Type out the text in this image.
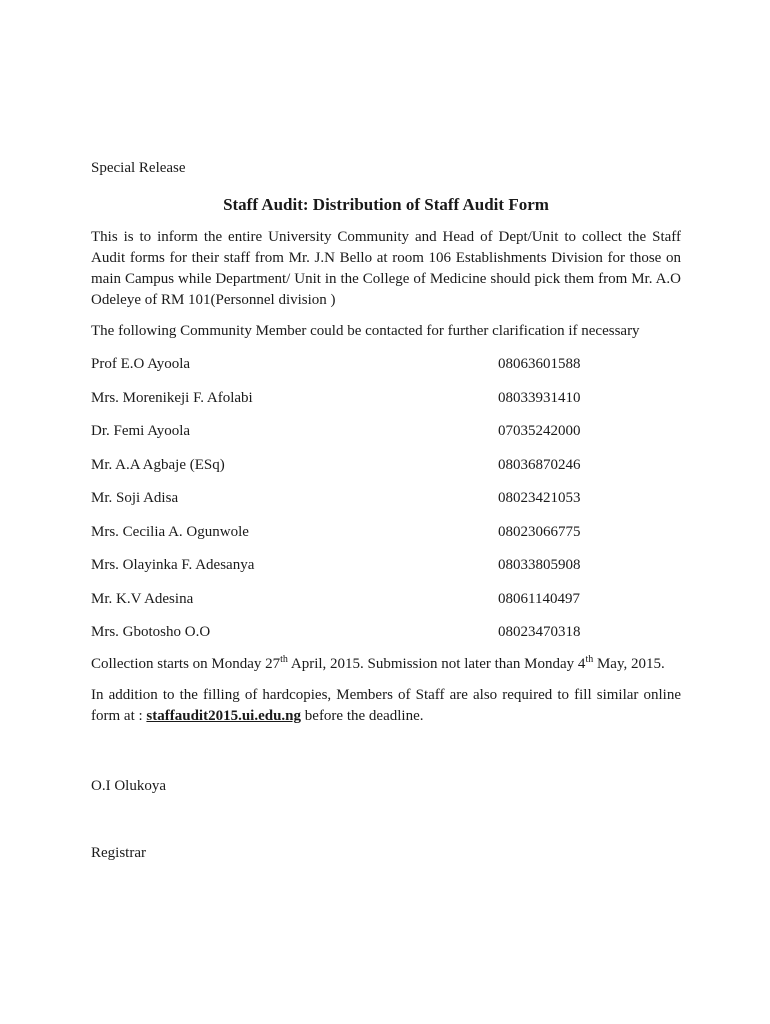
Special Release

Staff Audit: Distribution of Staff Audit Form

This is to inform the entire University Community and Head of Dept/Unit to collect the Staff Audit forms for their staff from Mr. J.N Bello at room 106 Establishments Division for those on main Campus while Department/ Unit in the College of Medicine should pick them from Mr. A.O Odeleye of RM 101(Personnel division )

The following Community Member could be contacted for further clarification if necessary

Prof E.O Ayoola	08063601588
Mrs. Morenikeji F. Afolabi	08033931410
Dr. Femi Ayoola	07035242000
Mr. A.A Agbaje (ESq)	08036870246
Mr. Soji Adisa	08023421053
Mrs. Cecilia A. Ogunwole	08023066775
Mrs. Olayinka F. Adesanya	08033805908
Mr. K.V Adesina	08061140497
Mrs. Gbotosho O.O	08023470318

Collection starts on Monday 27th April, 2015. Submission not later than Monday 4th May, 2015.

In addition to the filling of hardcopies, Members of Staff are also required to fill similar online form at : staffaudit2015.ui.edu.ng before the deadline.

O.I Olukoya

Registrar
